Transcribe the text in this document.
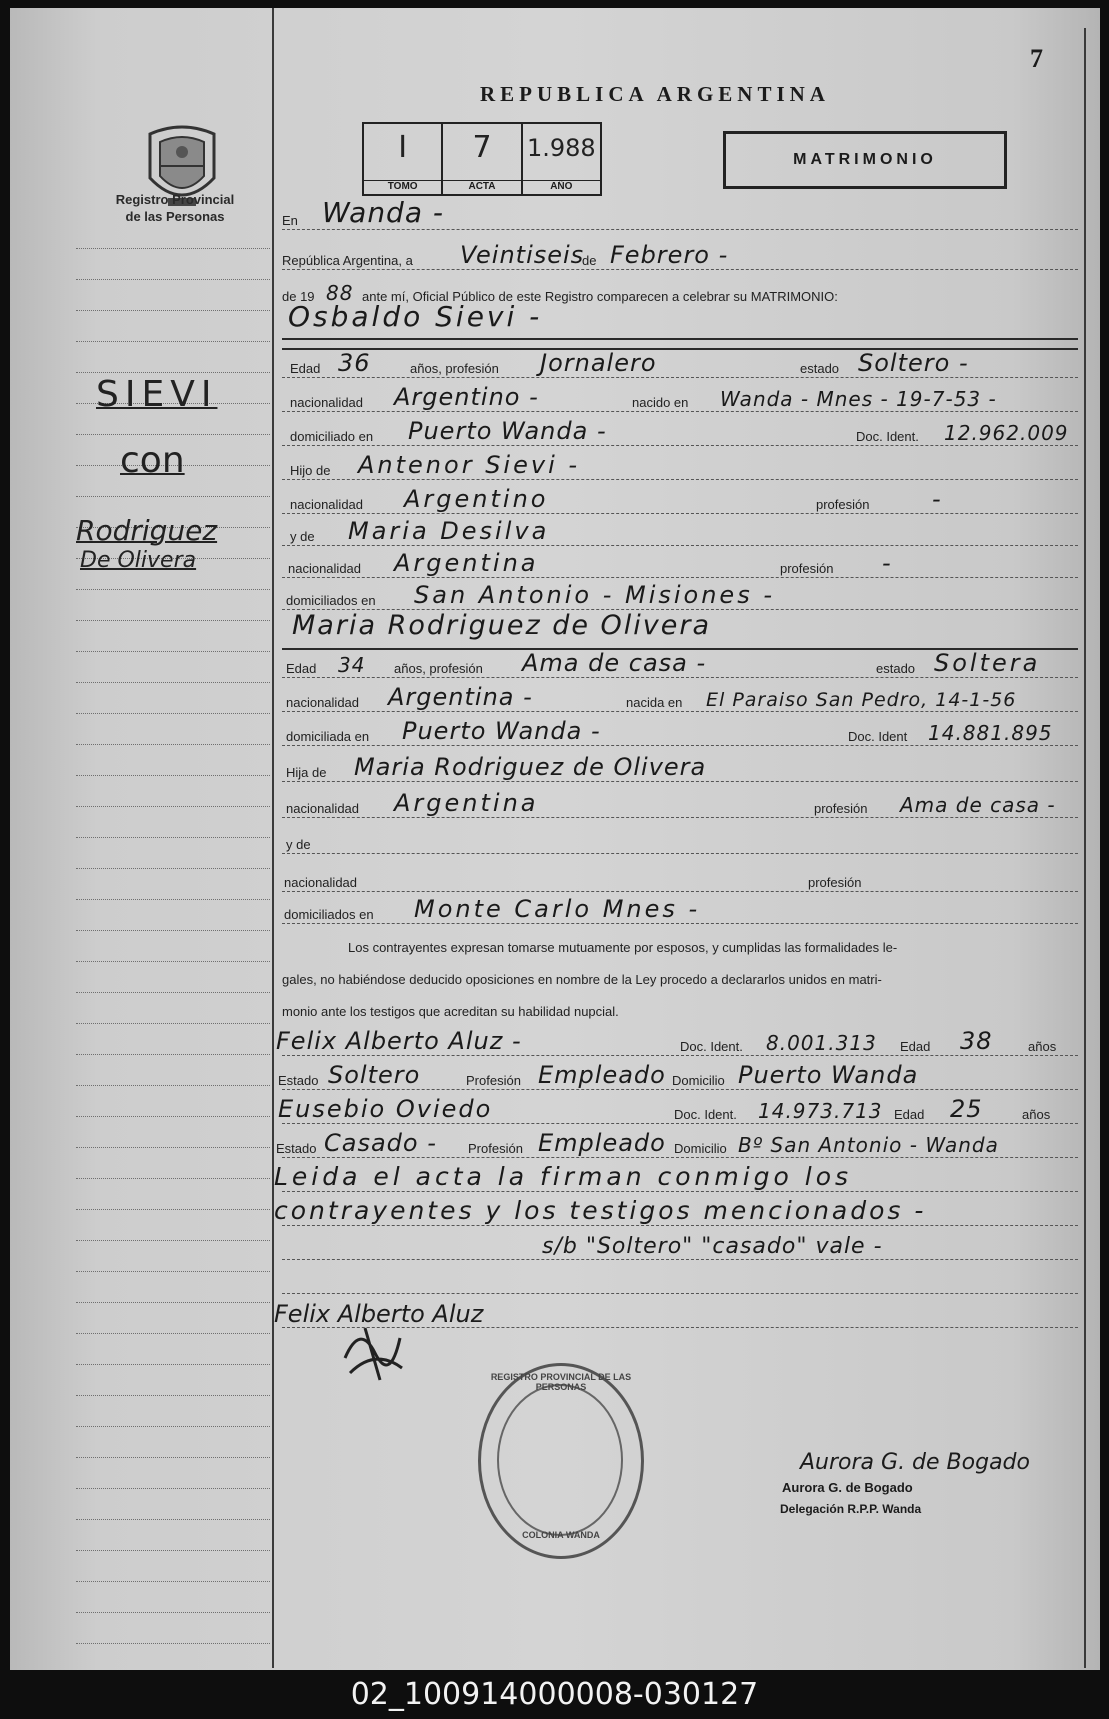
Registro Provincial
de las Personas
SIEVI
con
Rodriguez
De Olivera
7
REPUBLICA ARGENTINA
I
TOMO
7
ACTA
1.988
AÑO
MATRIMONIO
En Wanda -
República Argentina, a Veintiseis
de Febrero -
de 19 88 ante mí, Oficial Público de este Registro comparecen a celebrar su MATRIMONIO:
Osbaldo Sievi -
Edad 36	años, profesión Jornalero	estado Soltero -
nacionalidad Argentino -	nacido en Wanda - Mnes - 19-7-53 -
domiciliado en Puerto Wanda -	Doc. Ident. 12.962.009
Hijo de Antenor Sievi -
nacionalidad Argentino	profesión	-
y de Maria Desilva
nacionalidad Argentina	profesión -
domiciliados en San Antonio - Misiones -
Maria Rodriguez de Olivera
Edad 34 años, profesión Ama de casa -	estado Soltera
nacionalidad Argentina -	nacida en El Paraiso San Pedro, 14-1-56
domiciliada en Puerto Wanda -	Doc. Ident 14.881.895
Hija de Maria Rodriguez de Olivera
nacionalidad Argentina	profesión Ama de casa -
y de
nacionalidad	profesión
domiciliados en Monte Carlo Mnes -
Los contrayentes expresan tomarse mutuamente por esposos, y cumplidas las formalidades le-
gales, no habiéndose deducido oposiciones en nombre de la Ley procedo a declararlos unidos en matri-
monio ante los testigos que acreditan su habilidad nupcial.
Felix Alberto Aluz -	Doc. Ident. 8.001.313 Edad 38	años
Estado Soltero	Profesión Empleado Domicilio Puerto Wanda
Eusebio Oviedo	Doc. Ident. 14.973.713 Edad 25	años
Estado Casado - Profesión Empleado Domicilio Bº San Antonio - Wanda
Leida el acta la firman conmigo los
contrayentes y los testigos mencionados -
s/b "Soltero" "casado" vale -
Felix Alberto Aluz
REGISTRO PROVINCIAL DE LAS PERSONAS
COLONIA WANDA
Aurora G. de Bogado
Aurora G. de Bogado
Delegación R.P.P. Wanda
02_100914000008-030127
